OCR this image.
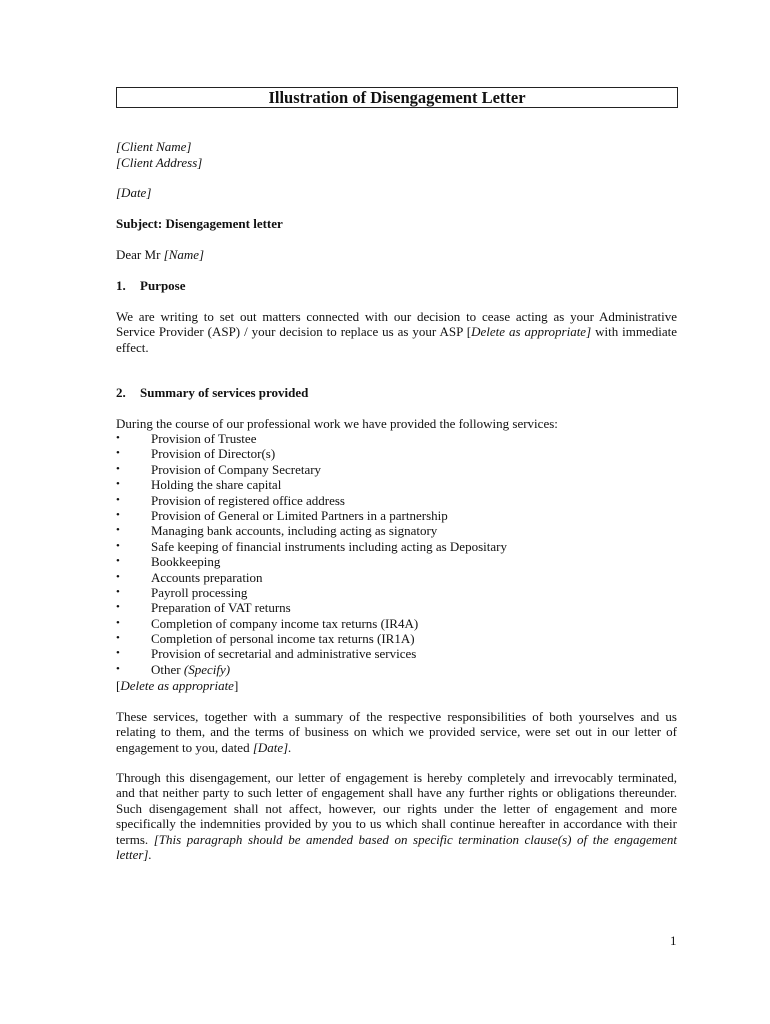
Illustration of Disengagement Letter
[Client Name]
[Client Address]
[Date]
Subject: Disengagement letter
Dear Mr [Name]
1. Purpose
We are writing to set out matters connected with our decision to cease acting as your Administrative Service Provider (ASP) / your decision to replace us as your ASP [Delete as appropriate] with immediate effect.
2. Summary of services provided
During the course of our professional work we have provided the following services:
• Provision of Trustee
• Provision of Director(s)
• Provision of Company Secretary
• Holding the share capital
• Provision of registered office address
• Provision of General or Limited Partners in a partnership
• Managing bank accounts, including acting as signatory
• Safe keeping of financial instruments including acting as Depositary
• Bookkeeping
• Accounts preparation
• Payroll processing
• Preparation of VAT returns
• Completion of company income tax returns (IR4A)
• Completion of personal income tax returns (IR1A)
• Provision of secretarial and administrative services
• Other (Specify)
[Delete as appropriate]
These services, together with a summary of the respective responsibilities of both yourselves and us relating to them, and the terms of business on which we provided service, were set out in our letter of engagement to you, dated [Date].
Through this disengagement, our letter of engagement is hereby completely and irrevocably terminated, and that neither party to such letter of engagement shall have any further rights or obligations thereunder. Such disengagement shall not affect, however, our rights under the letter of engagement and more specifically the indemnities provided by you to us which shall continue hereafter in accordance with their terms. [This paragraph should be amended based on specific termination clause(s) of the engagement letter].
1
